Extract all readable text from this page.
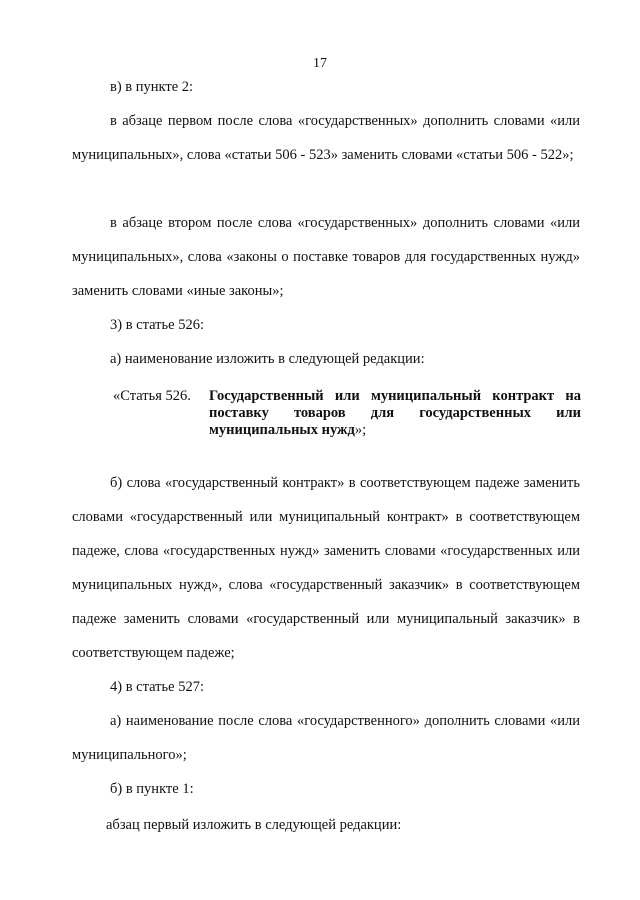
17

в) в пункте 2:

в абзаце первом после слова «государственных» дополнить словами «или муниципальных», слова «статьи 506 - 523» заменить словами «статьи 506 - 522»;

в абзаце втором после слова «государственных» дополнить словами «или муниципальных», слова «законы о поставке товаров для государственных нужд» заменить словами «иные законы»;

3) в статье 526:

а) наименование изложить в следующей редакции:

«Статья 526.	Государственный или муниципальный контракт на поставку товаров для государственных или муниципальных нужд»;

б) слова «государственный контракт» в соответствующем падеже заменить словами «государственный или муниципальный контракт» в соответствующем падеже, слова «государственных нужд» заменить словами «государственных или муниципальных нужд», слова «государственный заказчик» в соответствующем падеже заменить словами «государственный или муниципальный заказчик» в соответствующем падеже;

4) в статье 527:

а) наименование после слова «государственного» дополнить словами «или муниципального»;

б) в пункте 1:

абзац первый изложить в следующей редакции:
